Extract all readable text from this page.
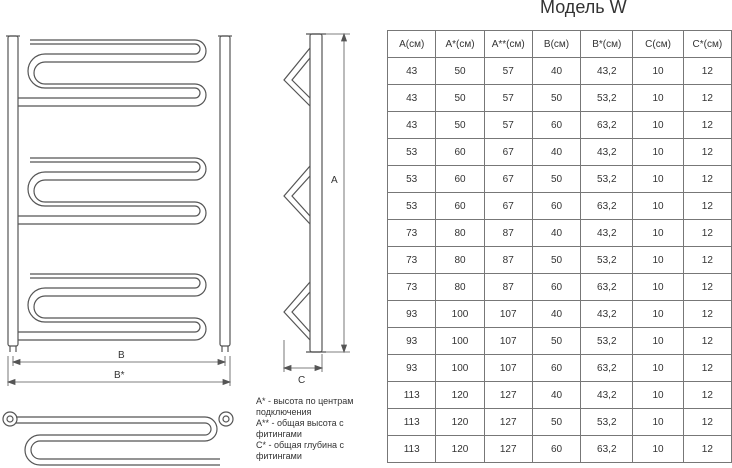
B
B*
A
C
Модель W
A(см)	A*(см)	A**(см)	B(см)	B*(см)	C(см)	C*(см)
43	50	57	40	43,2	10	12
43	50	57	50	53,2	10	12
43	50	57	60	63,2	10	12
53	60	67	40	43,2	10	12
53	60	67	50	53,2	10	12
53	60	67	60	63,2	10	12
73	80	87	40	43,2	10	12
73	80	87	50	53,2	10	12
73	80	87	60	63,2	10	12
93	100	107	40	43,2	10	12
93	100	107	50	53,2	10	12
93	100	107	60	63,2	10	12
113	120	127	40	43,2	10	12
113	120	127	50	53,2	10	12
113	120	127	60	63,2	10	12
A* - высота по центрам подключения
A** - общая высота с фитингами
C* - общая глубина с фитингами
